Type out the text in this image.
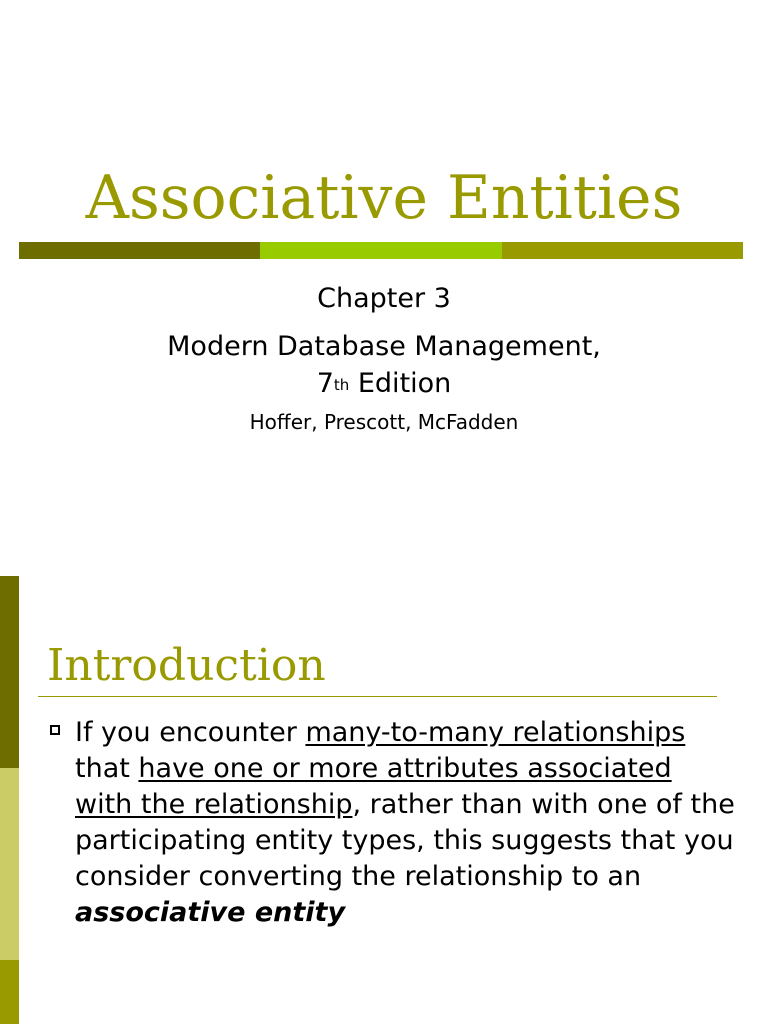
Associative Entities
Chapter 3
Modern Database Management,
7th Edition
Hoffer, Prescott, McFadden
Introduction
If you encounter many-to-many relationships that have one or more attributes associated with the relationship, rather than with one of the participating entity types, this suggests that you consider converting the relationship to an associative entity
